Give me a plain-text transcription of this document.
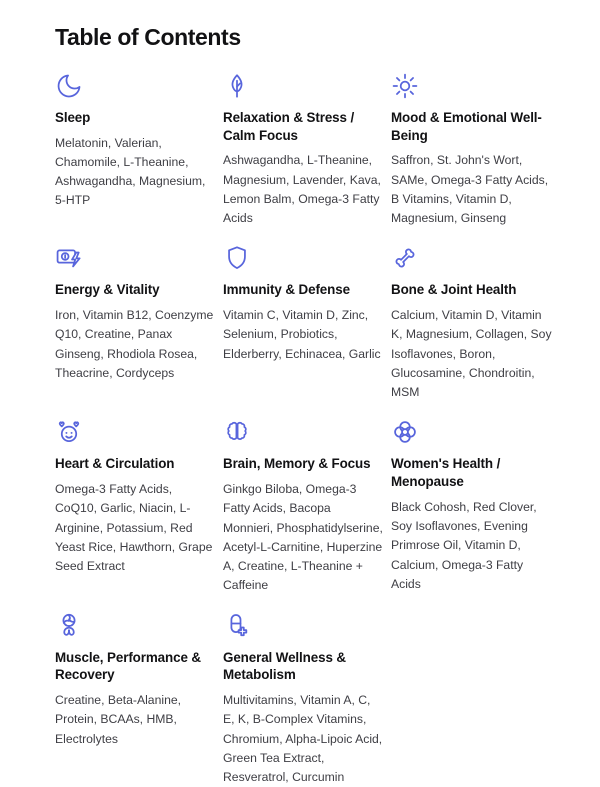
Table of Contents
Sleep

Melatonin, Valerian, Chamomile, L-Theanine, Ashwagandha, Magnesium, 5-HTP

Relaxation & Stress / Calm Focus

Ashwagandha, L-Theanine, Magnesium, Lavender, Kava, Lemon Balm, Omega-3 Fatty Acids

Mood & Emotional Well-Being

Saffron, St. John's Wort, SAMe, Omega-3 Fatty Acids, B Vitamins, Vitamin D, Magnesium, Ginseng

Energy & Vitality

Iron, Vitamin B12, Coenzyme Q10, Creatine, Panax Ginseng, Rhodiola Rosea, Theacrine, Cordyceps

Immunity & Defense

Vitamin C, Vitamin D, Zinc, Selenium, Probiotics, Elderberry, Echinacea, Garlic

Bone & Joint Health

Calcium, Vitamin D, Vitamin K, Magnesium, Collagen, Soy Isoflavones, Boron, Glucosamine, Chondroitin, MSM

Heart & Circulation

Omega-3 Fatty Acids, CoQ10, Garlic, Niacin, L-Arginine, Potassium, Red Yeast Rice, Hawthorn, Grape Seed Extract

Brain, Memory & Focus

Ginkgo Biloba, Omega-3 Fatty Acids, Bacopa Monnieri, Phosphatidylserine, Acetyl-L-Carnitine, Huperzine A, Creatine, L-Theanine + Caffeine

Women's Health / Menopause

Black Cohosh, Red Clover, Soy Isoflavones, Evening Primrose Oil, Vitamin D, Calcium, Omega-3 Fatty Acids

Muscle, Performance & Recovery

Creatine, Beta-Alanine, Protein, BCAAs, HMB, Electrolytes

General Wellness & Metabolism

Multivitamins, Vitamin A, C, E, K, B-Complex Vitamins, Chromium, Alpha-Lipoic Acid, Green Tea Extract, Resveratrol, Curcumin
